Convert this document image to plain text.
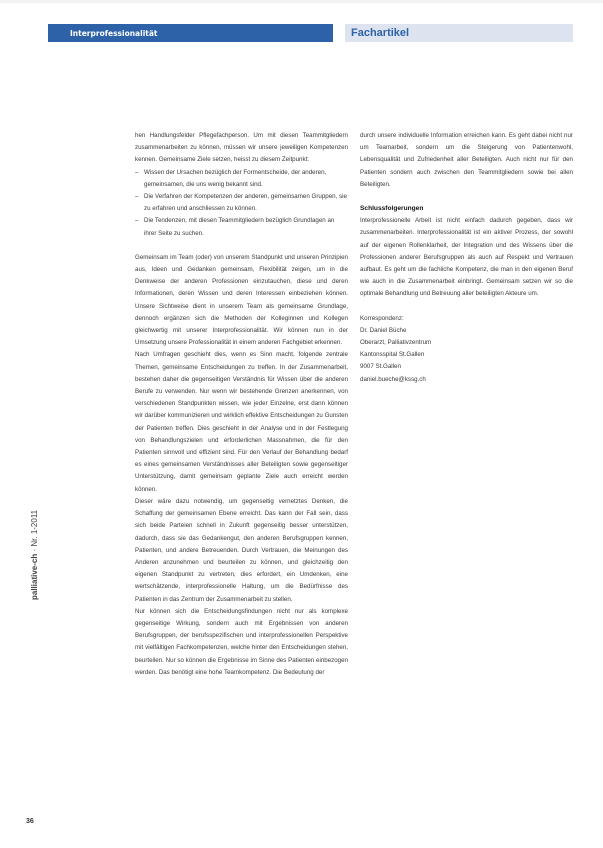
Interprofessionalität	Fachartikel

hen Handlungsfelder Pflegefachperson. Um mit diesen Teammitgliedern zusammenarbeiten zu können, müssen wir unsere jeweiligen Kompetenzen kennen. Gemeinsame Ziele setzen, heisst zu diesem Zeitpunkt:

– Wissen der Ursachen bezüglich der Formentscheide, der anderen, gemeinsamen, die uns wenig bekannt sind.
– Die Verfahren der Kompetenzen der anderen, gemeinsamen Gruppen, sie zu erfahren und anschliessen zu können.
– Die Tendenzen, mit diesen Teammitgliedern bezüglich Grundlagen an ihrer Seite zu suchen.

Gemeinsam im Team (oder) von unserem Standpunkt und unseren Prinzipien aus, Ideen und Gedanken gemeinsam, Flexibilität zeigen, um in die Denkweise der anderen Professionen einzutauchen, diese und deren Informationen, deren Wissen und deren Interessen einbeziehen können. Unsere Sichtweise dient in unserem Team als gemeinsame Grundlage, dennoch ergänzen sich die Methoden der Kolleginnen und Kollegen gleichwertig mit unserer Interprofessionalität. Wir können nun in der Umsetzung unsere Professionalität in einem anderen Fachgebiet erkennen.

Nach Umfragen geschieht dies, wenn es Sinn macht, folgende zentrale Themen, gemeinsame Entscheidungen zu treffen. In der Zusammenarbeit, bestehen daher die gegenseitigen Verständnis für Wissen über die anderen Berufe zu verwenden. Nur wenn wir bestehende Grenzen anerkennen, von verschiedenen Standpunkten wissen, wie jeder Einzelne, erst dann können wir darüber kommunizieren und wirklich effektive Entscheidungen zu Gunsten der Patienten treffen. Dies geschieht in der Analyse und in der Festlegung von Behandlungszielen und erforderlichen Massnahmen, die für den Patienten sinnvoll und effizient sind. Für den Verlauf der Behandlung bedarf es eines gemeinsamen Verständnisses aller Beteiligten sowie gegenseitiger Unterstützung, damit gemeinsam geplante Ziele auch erreicht werden können.

Dieser wäre dazu notwendig, um gegenseitig vernetztes Denken, die Schaffung der gemeinsamen Ebene erreicht. Das kann der Fall sein, dass sich beide Parteien schnell in Zukunft gegenseitig besser unterstützen, dadurch, dass sie das Gedankengut, den anderen Berufsgruppen kennen, Patienten, und andere Betreuenden. Durch Vertrauen, die Meinungen des Anderen anzunehmen und beurteilen zu können, und gleichzeitig den eigenen Standpunkt zu vertreten, dies erfordert, ein Umdenken, eine wertschätzende, interprofessionelle Haltung, um die Bedürfnisse des Patienten in das Zentrum der Zusammenarbeit zu stellen.

Nur können sich die Entscheidungsfindungen nicht nur als komplexe gegenseitige Wirkung, sondern auch mit Ergebnissen von anderen Berufsgruppen, der berufsspezifischen und interprofessionellen Perspektive mit vielfältigen Fachkompetenzen, welche hinter den Entscheidungen stehen, beurteilen. Nur so können die Ergebnisse im Sinne des Patienten einbezogen werden. Das benötigt eine hohe Teamkompetenz. Die Bedeutung der

durch unsere individuelle Information erreichen kann. Es geht dabei nicht nur um Teamarbeit, sondern um die Steigerung von Patientenwohl, Lebensqualität und Zufriedenheit aller Beteiligten. Auch nicht nur für den Patienten sondern auch zwischen den Teammitgliedern sowie bei allen Beteiligten.

Schlussfolgerungen

Interprofessionelle Arbeit ist nicht einfach dadurch gegeben, dass wir zusammenarbeiten. Interprofessionalität ist ein aktiver Prozess, der sowohl auf der eigenen Rollenklarheit, der Integration und des Wissens über die Professionen anderer Berufsgruppen als auch auf Respekt und Vertrauen aufbaut. Es geht um die fachliche Kompetenz, die man in den eigenen Beruf wie auch in die Zusammenarbeit einbringt. Gemeinsam setzen wir so die optimale Behandlung und Betreuung aller beteiligten Akteure um.

Korrespondenz:
Dr. Daniel Büche
Oberarzt, Palliativzentrum
Kantonsspital St.Gallen
9007 St.Gallen
daniel.bueche@kssg.ch
palliative-ch · Nr. 1-2011
36
